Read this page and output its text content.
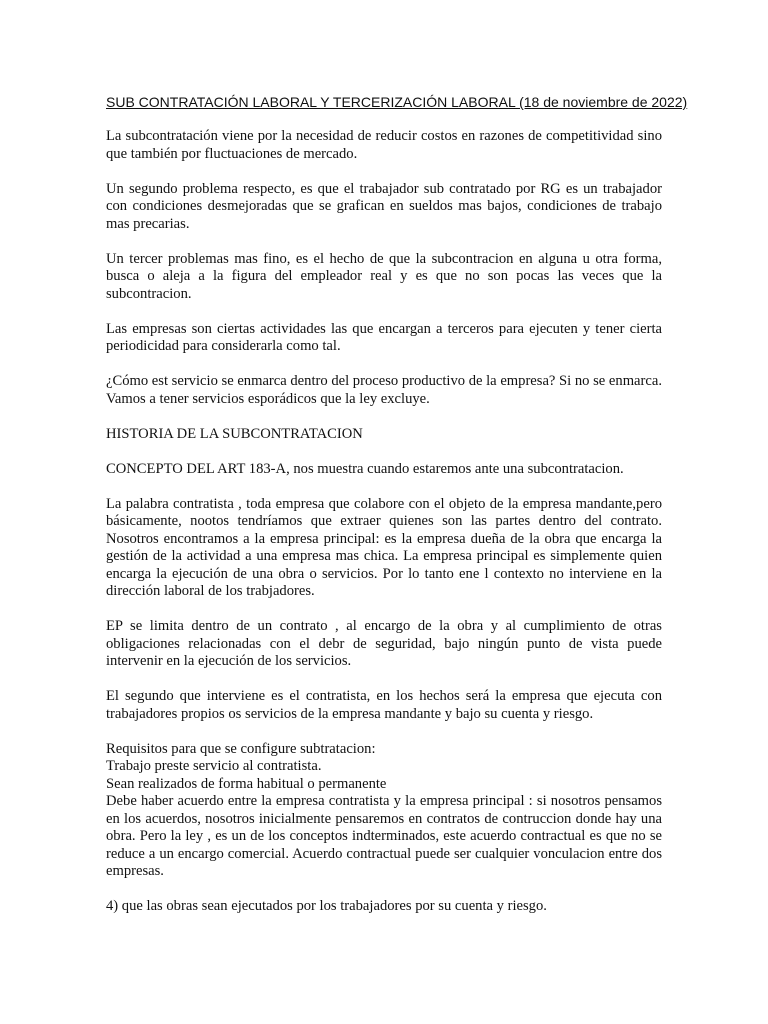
SUB CONTRATACIÓN LABORAL Y TERCERIZACIÓN LABORAL (18 de noviembre de 2022)
La subcontratación viene por la necesidad de reducir costos en razones de competitividad sino que también por fluctuaciones de mercado.
Un segundo problema respecto, es que el trabajador sub contratado por RG es un trabajador con condiciones desmejoradas que se grafican en sueldos mas bajos, condiciones de trabajo mas precarias.
Un tercer problemas mas fino, es el hecho de que la subcontracion en alguna u otra forma, busca o aleja a la figura del empleador real y es que no son pocas las veces que la subcontracion.
Las empresas son ciertas actividades las que encargan a terceros para ejecuten y tener cierta periodicidad para considerarla como tal.
¿Cómo est servicio se enmarca dentro del proceso productivo de la empresa? Si no se enmarca. Vamos a tener servicios esporádicos que la ley excluye.
HISTORIA DE LA SUBCONTRATACION
CONCEPTO DEL ART 183-A, nos muestra cuando estaremos ante una subcontratacion.
La palabra contratista , toda empresa que colabore con el objeto de la empresa mandante,pero básicamente, nootos tendríamos que extraer quienes son las partes dentro del contrato. Nosotros encontramos a la empresa principal: es la empresa dueña de la obra que encarga la gestión de la actividad a una empresa mas chica. La empresa principal es simplemente quien encarga la ejecución de una obra o servicios. Por lo tanto ene l contexto no interviene en la dirección laboral de los trabjadores.
EP se limita dentro de un contrato , al encargo de la obra y al cumplimiento de otras obligaciones relacionadas con el debr de seguridad, bajo ningún punto de vista puede intervenir en la ejecución de los servicios.
El segundo que interviene es el contratista, en los hechos será la empresa que ejecuta con trabajadores propios os servicios de la empresa mandante y bajo su cuenta y riesgo.
Requisitos para que se configure subtratacion:
Trabajo preste servicio al contratista.
Sean realizados de forma habitual o permanente
Debe haber acuerdo entre la empresa contratista y la empresa principal : si nosotros pensamos en los acuerdos, nosotros inicialmente pensaremos en contratos de contruccion donde hay una obra. Pero la ley , es un de los conceptos indterminados, este acuerdo contractual es que no se reduce a un encargo comercial. Acuerdo contractual puede ser cualquier vonculacion entre dos empresas.
4) que las obras sean ejecutados por los trabajadores por su cuenta y riesgo.
